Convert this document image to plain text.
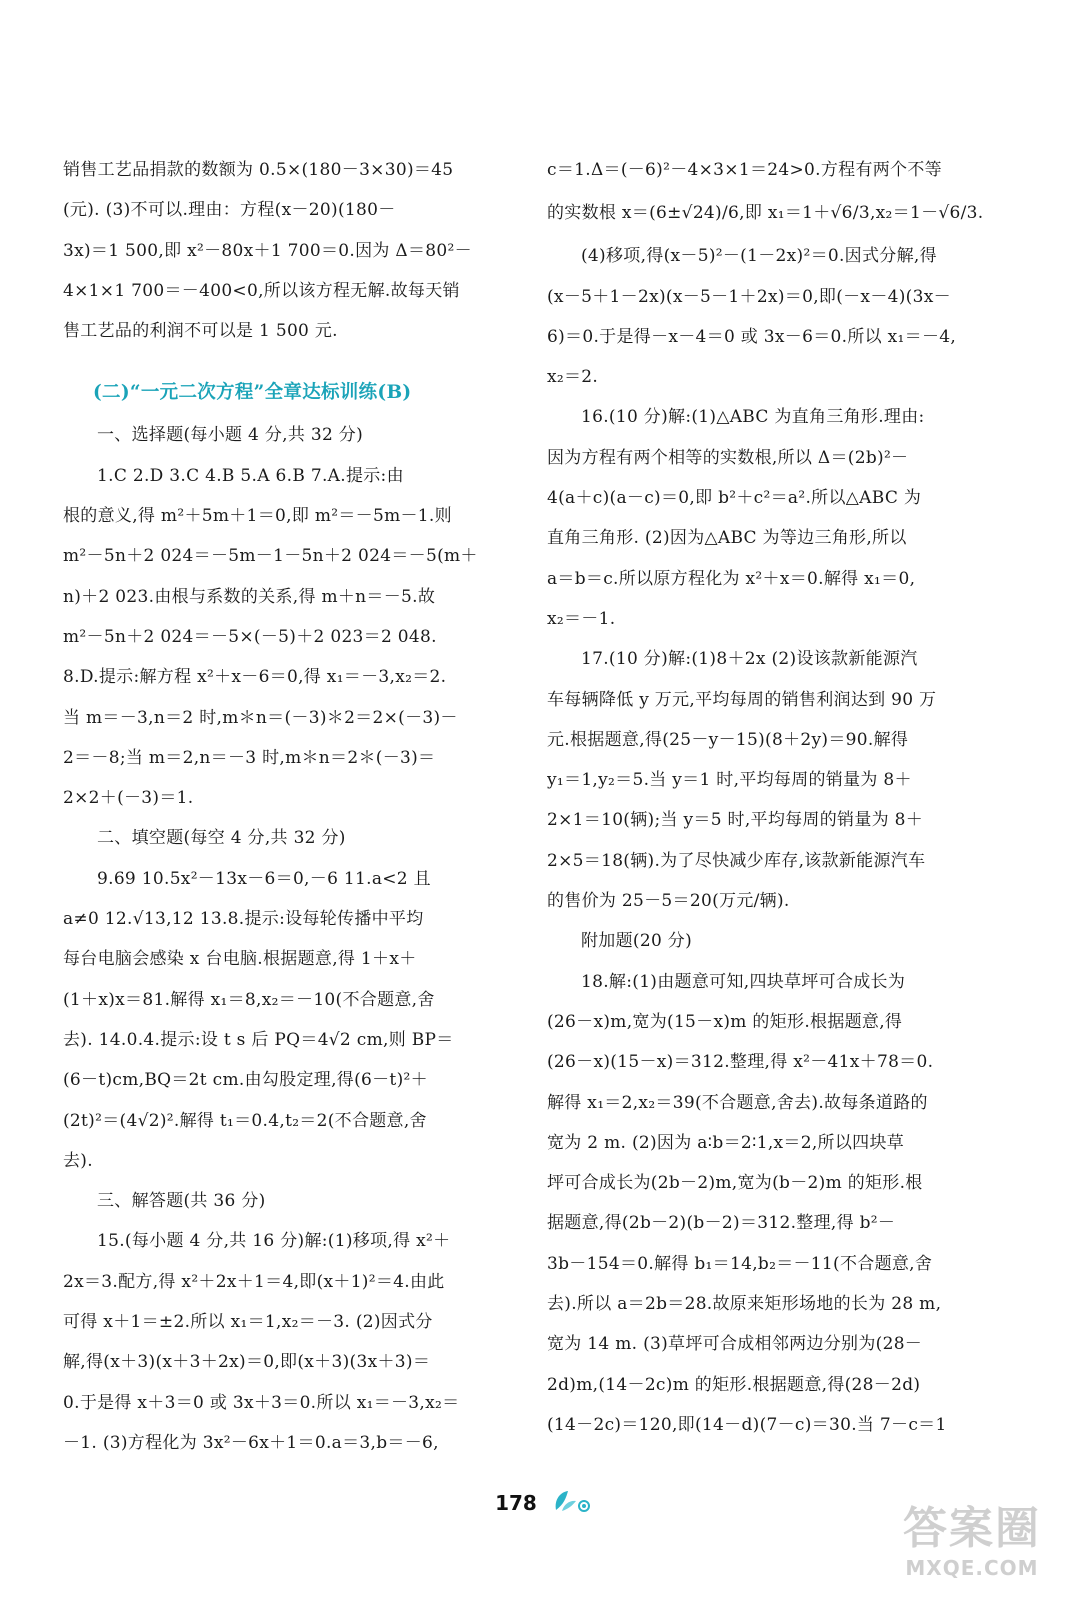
销售工艺品捐款的数额为 0.5×(180－3×30)＝45
(元). (3)不可以.理由：方程(x－20)(180－
3x)＝1 500,即 x²－80x＋1 700＝0.因为 Δ＝80²－
4×1×1 700＝－400<0,所以该方程无解.故每天销
售工艺品的利润不可以是 1 500 元.
(二)“一元二次方程”全章达标训练(B)
一、选择题(每小题 4 分,共 32 分)
1.C 2.D 3.C 4.B 5.A 6.B 7.A.提示:由
根的意义,得 m²＋5m＋1＝0,即 m²＝－5m－1.则
m²－5n＋2 024＝－5m－1－5n＋2 024＝－5(m＋
n)＋2 023.由根与系数的关系,得 m＋n＝－5.故
m²－5n＋2 024＝－5×(－5)＋2 023＝2 048.
8.D.提示:解方程 x²＋x－6＝0,得 x₁＝－3,x₂＝2.
当 m＝－3,n＝2 时,m＊n＝(－3)＊2＝2×(－3)－
2＝－8;当 m＝2,n＝－3 时,m＊n＝2＊(－3)＝
2×2＋(－3)＝1.
二、填空题(每空 4 分,共 32 分)
9.69 10.5x²－13x－6＝0,－6 11.a<2 且
a≠0 12.√13,12 13.8.提示:设每轮传播中平均
每台电脑会感染 x 台电脑.根据题意,得 1＋x＋
(1＋x)x＝81.解得 x₁＝8,x₂＝－10(不合题意,舍
去). 14.0.4.提示:设 t s 后 PQ＝4√2 cm,则 BP＝
(6－t)cm,BQ＝2t cm.由勾股定理,得(6－t)²＋
(2t)²＝(4√2)².解得 t₁＝0.4,t₂＝2(不合题意,舍
去).
三、解答题(共 36 分)
15.(每小题 4 分,共 16 分)解:(1)移项,得 x²＋
2x＝3.配方,得 x²＋2x＋1＝4,即(x＋1)²＝4.由此
可得 x＋1＝±2.所以 x₁＝1,x₂＝－3. (2)因式分
解,得(x＋3)(x＋3＋2x)＝0,即(x＋3)(3x＋3)＝
0.于是得 x＋3＝0 或 3x＋3＝0.所以 x₁＝－3,x₂＝
－1. (3)方程化为 3x²－6x＋1＝0.a＝3,b＝－6,
c＝1.Δ＝(－6)²－4×3×1＝24>0.方程有两个不等
的实数根 x＝(6±√24)/6,即 x₁＝1＋√6/3,x₂＝1－√6/3.
(4)移项,得(x－5)²－(1－2x)²＝0.因式分解,得
(x－5＋1－2x)(x－5－1＋2x)＝0,即(－x－4)(3x－
6)＝0.于是得－x－4＝0 或 3x－6＝0.所以 x₁＝－4,
x₂＝2.
16.(10 分)解:(1)△ABC 为直角三角形.理由:
因为方程有两个相等的实数根,所以 Δ＝(2b)²－
4(a＋c)(a－c)＝0,即 b²＋c²＝a².所以△ABC 为
直角三角形. (2)因为△ABC 为等边三角形,所以
a＝b＝c.所以原方程化为 x²＋x＝0.解得 x₁＝0,
x₂＝－1.
17.(10 分)解:(1)8＋2x (2)设该款新能源汽
车每辆降低 y 万元,平均每周的销售利润达到 90 万
元.根据题意,得(25－y－15)(8＋2y)＝90.解得
y₁＝1,y₂＝5.当 y＝1 时,平均每周的销量为 8＋
2×1＝10(辆);当 y＝5 时,平均每周的销量为 8＋
2×5＝18(辆).为了尽快减少库存,该款新能源汽车
的售价为 25－5＝20(万元/辆).
附加题(20 分)
18.解:(1)由题意可知,四块草坪可合成长为
(26－x)m,宽为(15－x)m 的矩形.根据题意,得
(26－x)(15－x)＝312.整理,得 x²－41x＋78＝0.
解得 x₁＝2,x₂＝39(不合题意,舍去).故每条道路的
宽为 2 m. (2)因为 a∶b＝2∶1,x＝2,所以四块草
坪可合成长为(2b－2)m,宽为(b－2)m 的矩形.根
据题意,得(2b－2)(b－2)＝312.整理,得 b²－
3b－154＝0.解得 b₁＝14,b₂＝－11(不合题意,舍
去).所以 a＝2b＝28.故原来矩形场地的长为 28 m,
宽为 14 m. (3)草坪可合成相邻两边分别为(28－
2d)m,(14－2c)m 的矩形.根据题意,得(28－2d)
(14－2c)＝120,即(14－d)(7－c)＝30.当 7－c＝1
178	答案圈
MXQE.COM
